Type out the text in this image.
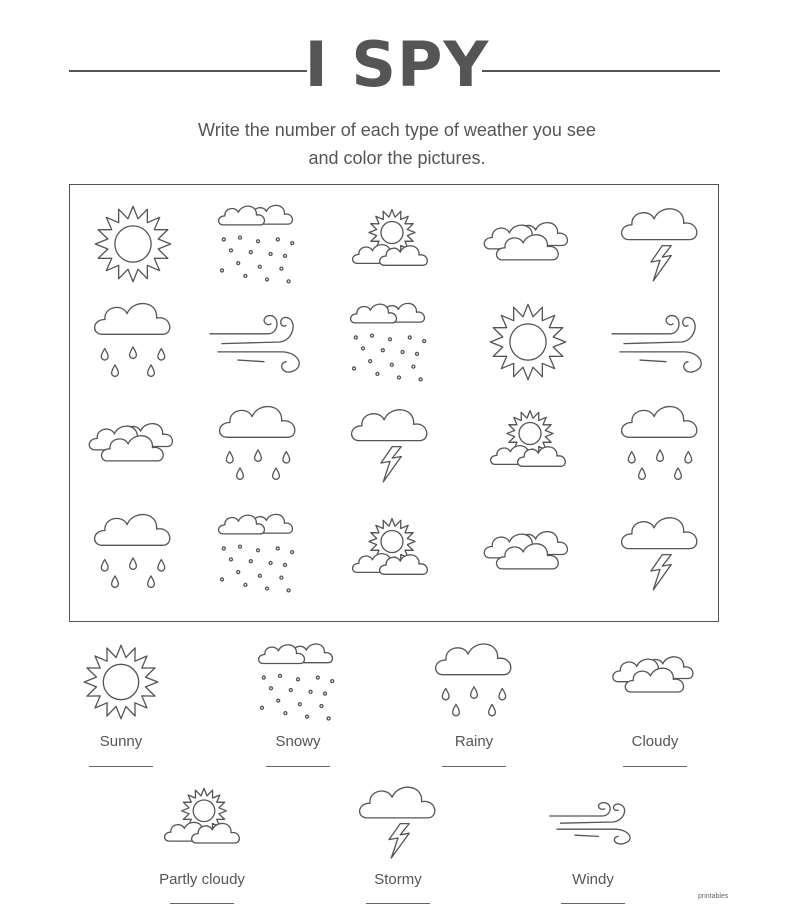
I SPY
Write the number of each type of weather you see
and color the pictures.
Sunny	Snowy	Rainy	Cloudy
Partly cloudy	Stormy	Windy
printables
